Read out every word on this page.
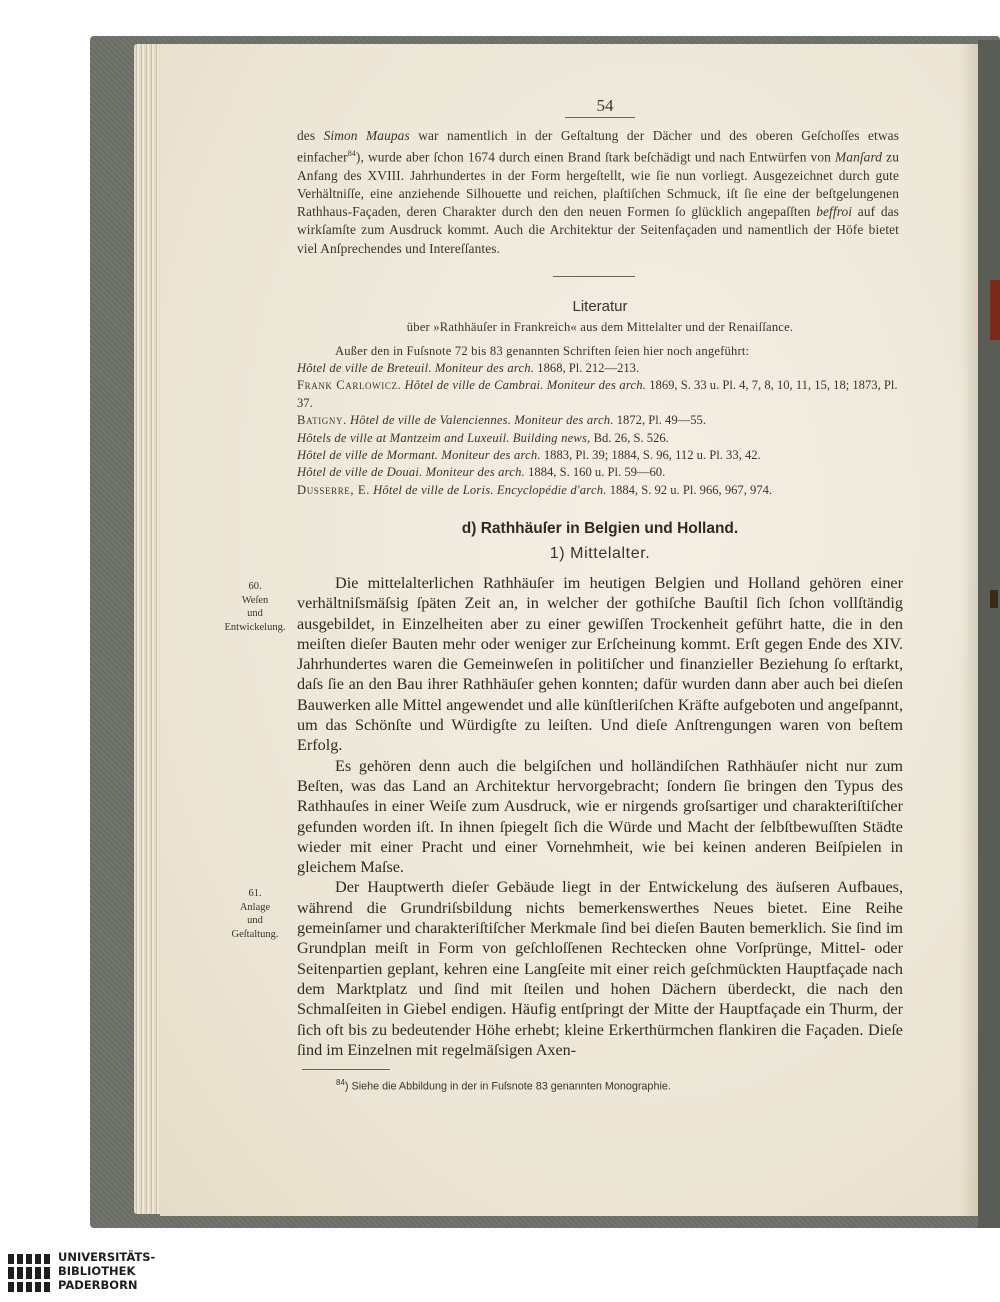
54
des Simon Maupas war namentlich in der Geſtaltung der Dächer und des oberen Geſchoſſes etwas einfacher$^{84}$), wurde aber ſchon 1674 durch einen Brand ſtark beſchädigt und nach Entwürfen von Manſard zu Anfang des XVIII. Jahrhundertes in der Form hergeſtellt, wie ſie nun vorliegt. Ausgezeichnet durch gute Verhältniſſe, eine anziehende Silhouette und reichen, plaſtiſchen Schmuck, iſt ſie eine der beſtgelungenen Rathhaus-Façaden, deren Charakter durch den den neuen Formen ſo glücklich angepaſſten beffroi auf das wirkſamſte zum Ausdruck kommt. Auch die Architektur der Seitenfaçaden und namentlich der Höfe bietet viel Anſprechendes und Intereſſantes.
Literatur
über »Rathhäuſer in Frankreich« aus dem Mittelalter und der Renaiſſance.
Außer den in Fuſsnote 72 bis 83 genannten Schriften ſeien hier noch angeführt:
Hôtel de ville de Breteuil. Moniteur des arch. 1868, Pl. 212—213.
Frank Carlowicz. Hôtel de ville de Cambrai. Moniteur des arch. 1869, S. 33 u. Pl. 4, 7, 8, 10, 11, 15, 18; 1873, Pl. 37.
Batigny. Hôtel de ville de Valenciennes. Moniteur des arch. 1872, Pl. 49—55.
Hôtels de ville at Mantzeim and Luxeuil. Building news, Bd. 26, S. 526.
Hôtel de ville de Mormant. Moniteur des arch. 1883, Pl. 39; 1884, S. 96, 112 u. Pl. 33, 42.
Hôtel de ville de Douai. Moniteur des arch. 1884, S. 160 u. Pl. 59—60.
Dusserre, E. Hôtel de ville de Loris. Encyclopédie d'arch. 1884, S. 92 u. Pl. 966, 967, 974.
d) Rathhäuſer in Belgien und Holland.
1) Mittelalter.
60.
Weſen
und
Entwickelung.
61.
Anlage
und
Geſtaltung.

Die mittelalterlichen Rathhäuſer im heutigen Belgien und Holland gehören einer verhältniſsmäſsig ſpäten Zeit an, in welcher der gothiſche Bauſtil ſich ſchon vollſtändig ausgebildet, in Einzelheiten aber zu einer gewiſſen Trockenheit geführt hatte, die in den meiſten dieſer Bauten mehr oder weniger zur Erſcheinung kommt. Erſt gegen Ende des XIV. Jahrhundertes waren die Gemeinweſen in politiſcher und finanzieller Beziehung ſo erſtarkt, daſs ſie an den Bau ihrer Rathhäuſer gehen konnten; dafür wurden dann aber auch bei dieſen Bauwerken alle Mittel angewendet und alle künſtleriſchen Kräfte aufgeboten und angeſpannt, um das Schönſte und Würdigſte zu leiſten. Und dieſe Anſtrengungen waren von beſtem Erfolg.

Es gehören denn auch die belgiſchen und holländiſchen Rathhäuſer nicht nur zum Beſten, was das Land an Architektur hervorgebracht; ſondern ſie bringen den Typus des Rathhauſes in einer Weiſe zum Ausdruck, wie er nirgends groſsartiger und charakteriſtiſcher gefunden worden iſt. In ihnen ſpiegelt ſich die Würde und Macht der ſelbſtbewuſſten Städte wieder mit einer Pracht und einer Vornehmheit, wie bei keinen anderen Beiſpielen in gleichem Maſse.

Der Hauptwerth dieſer Gebäude liegt in der Entwickelung des äuſseren Aufbaues, während die Grundriſsbildung nichts bemerkenswerthes Neues bietet. Eine Reihe gemeinſamer und charakteriſtiſcher Merkmale ſind bei dieſen Bauten bemerklich. Sie ſind im Grundplan meiſt in Form von geſchloſſenen Rechtecken ohne Vorſprünge, Mittel- oder Seitenpartien geplant, kehren eine Langſeite mit einer reich geſchmückten Hauptfaçade nach dem Marktplatz und ſind mit ſteilen und hohen Dächern überdeckt, die nach den Schmalſeiten in Giebel endigen. Häufig entſpringt der Mitte der Hauptfaçade ein Thurm, der ſich oft bis zu bedeutender Höhe erhebt; kleine Erkerthürmchen flankiren die Façaden. Dieſe ſind im Einzelnen mit regelmäſsigen Axen-

$^{84}$) Siehe die Abbildung in der in Fuſsnote 83 genannten Monographie.
UNIVERSITÄTS-
BIBLIOTHEK
PADERBORN
